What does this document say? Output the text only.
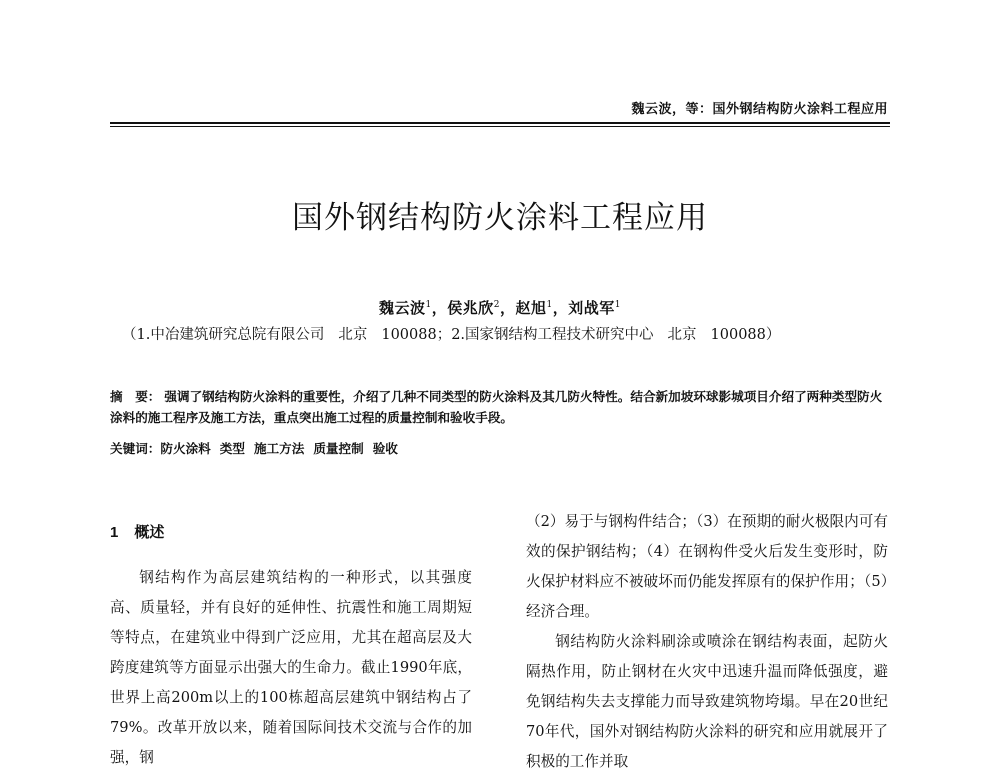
魏云波，等：国外钢结构防火涂料工程应用
国外钢结构防火涂料工程应用
魏云波$^1$，侯兆欣$^2$，赵旭$^1$，刘战军$^1$
（1.中冶建筑研究总院有限公司 北京 100088；2.国家钢结构工程技术研究中心 北京 100088）
摘　要： 强调了钢结构防火涂料的重要性，介绍了几种不同类型的防火涂料及其几防火特性。结合新加坡环球影城项目介绍了两种类型防火涂料的施工程序及施工方法，重点突出施工过程的质量控制和验收手段。
关键词：防火涂料 类型 施工方法 质量控制 验收
1 概述

钢结构作为高层建筑结构的一种形式，以其强度高、质量轻，并有良好的延伸性、抗震性和施工周期短等特点，在建筑业中得到广泛应用，尤其在超高层及大跨度建筑等方面显示出强大的生命力。截止1990年底，世界上高200m以上的100栋超高层建筑中钢结构占了79%。改革开放以来，随着国际间技术交流与合作的加强，钢

（2）易于与钢构件结合；（3）在预期的耐火极限内可有效的保护钢结构；（4）在钢构件受火后发生变形时，防火保护材料应不被破坏而仍能发挥原有的保护作用；（5）经济合理。

钢结构防火涂料刷涂或喷涂在钢结构表面，起防火隔热作用，防止钢材在火灾中迅速升温而降低强度，避免钢结构失去支撑能力而导致建筑物垮塌。早在20世纪70年代，国外对钢结构防火涂料的研究和应用就展开了积极的工作并取
